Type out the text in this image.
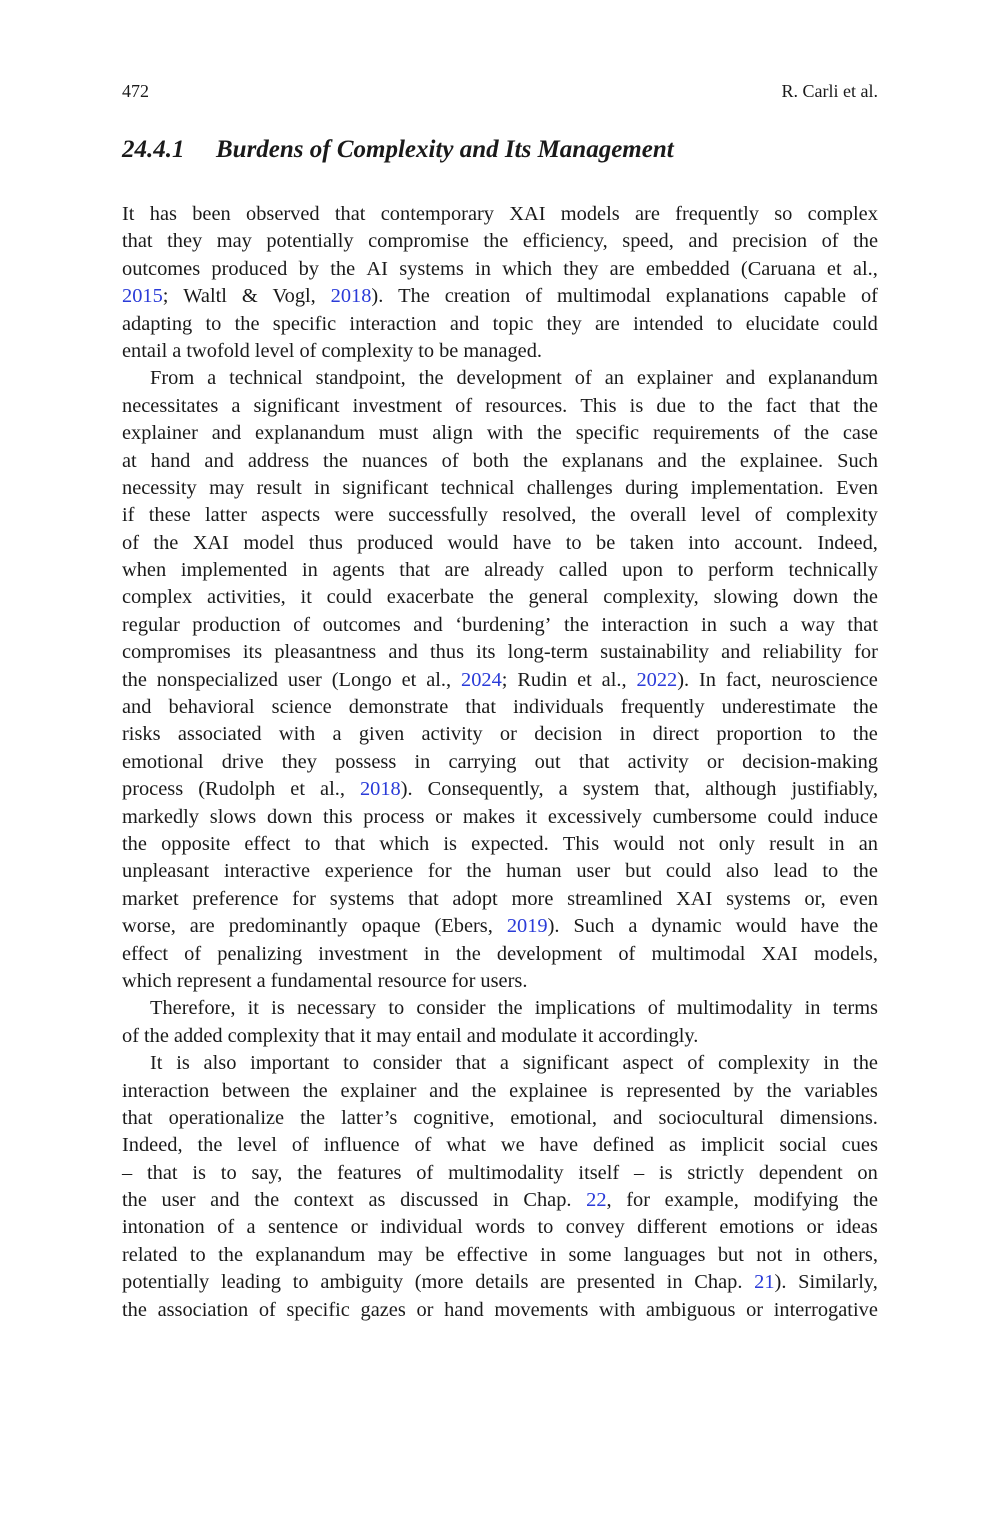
472	R. Carli et al.
24.4.1 Burdens of Complexity and Its Management
It has been observed that contemporary XAI models are frequently so complex
that they may potentially compromise the efficiency, speed, and precision of the
outcomes produced by the AI systems in which they are embedded (Caruana et al.,
2015; Waltl & Vogl, 2018). The creation of multimodal explanations capable of
adapting to the specific interaction and topic they are intended to elucidate could
entail a twofold level of complexity to be managed.
From a technical standpoint, the development of an explainer and explanandum
necessitates a significant investment of resources. This is due to the fact that the
explainer and explanandum must align with the specific requirements of the case
at hand and address the nuances of both the explanans and the explainee. Such
necessity may result in significant technical challenges during implementation. Even
if these latter aspects were successfully resolved, the overall level of complexity
of the XAI model thus produced would have to be taken into account. Indeed,
when implemented in agents that are already called upon to perform technically
complex activities, it could exacerbate the general complexity, slowing down the
regular production of outcomes and ‘burdening’ the interaction in such a way that
compromises its pleasantness and thus its long-term sustainability and reliability for
the nonspecialized user (Longo et al., 2024; Rudin et al., 2022). In fact, neuroscience
and behavioral science demonstrate that individuals frequently underestimate the
risks associated with a given activity or decision in direct proportion to the
emotional drive they possess in carrying out that activity or decision-making
process (Rudolph et al., 2018). Consequently, a system that, although justifiably,
markedly slows down this process or makes it excessively cumbersome could induce
the opposite effect to that which is expected. This would not only result in an
unpleasant interactive experience for the human user but could also lead to the
market preference for systems that adopt more streamlined XAI systems or, even
worse, are predominantly opaque (Ebers, 2019). Such a dynamic would have the
effect of penalizing investment in the development of multimodal XAI models,
which represent a fundamental resource for users.
Therefore, it is necessary to consider the implications of multimodality in terms
of the added complexity that it may entail and modulate it accordingly.
It is also important to consider that a significant aspect of complexity in the
interaction between the explainer and the explainee is represented by the variables
that operationalize the latter’s cognitive, emotional, and sociocultural dimensions.
Indeed, the level of influence of what we have defined as implicit social cues
– that is to say, the features of multimodality itself – is strictly dependent on
the user and the context as discussed in Chap. 22, for example, modifying the
intonation of a sentence or individual words to convey different emotions or ideas
related to the explanandum may be effective in some languages but not in others,
potentially leading to ambiguity (more details are presented in Chap. 21). Similarly,
the association of specific gazes or hand movements with ambiguous or interrogative
